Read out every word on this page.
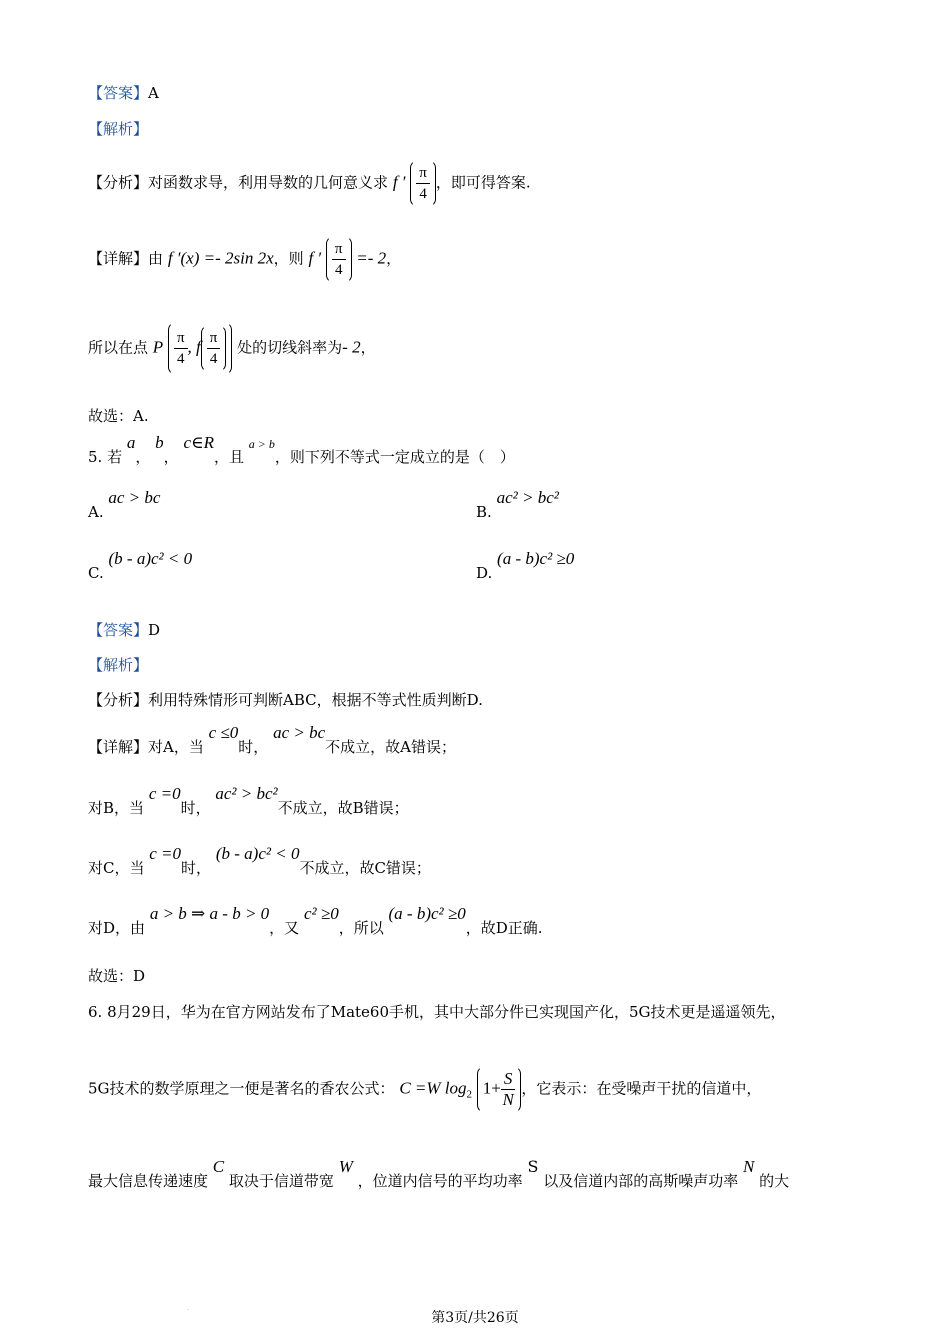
【答案】A
【解析】
【分析】对函数求导，利用导数的几何意义求 f ′ $\frac{\pi}{4}$ ，即可得答案.
【详解】由 f ′(x) =- 2sin 2x，则 f ′ $\frac{\pi}{4} =- 2$，
所以在点 P $\frac{\pi}{4}$ , f $\frac{\pi}{4}$ 处的切线斜率为- 2，
故选：A.
5. 若 a， b， c∈R，且 $^{a > b}$，则下列不等式一定成立的是（　）
A. ac > bc
B. ac² > bc²
C. (b - a)c² < 0
D. (a - b)c² ≥0
【答案】D
【解析】
【分析】利用特殊情形可判断ABC，根据不等式性质判断D.
【详解】对A，当 c ≤0时， ac > bc不成立，故A错误；
对B，当 c =0时， ac² > bc²不成立，故B错误；
对C，当 c =0时， (b - a)c² < 0不成立，故C错误；
对D，由 a > b ⇒ a - b > 0，又 c² ≥0，所以 (a - b)c² ≥0，故D正确.
故选：D
6. 8月29日，华为在官方网站发布了Mate60手机，其中大部分件已实现国产化，5G技术更是遥遥领先，
5G技术的数学原理之一便是著名的香农公式： C =W $\log_2 1+ \frac{S}{N}$ ，它表示：在受噪声干扰的信道中，
最大信息传递速度 C 取决于信道带宽 W ，位道内信号的平均功率 S 以及信道内部的高斯噪声功率 N 的大
.
第3页/共26页
